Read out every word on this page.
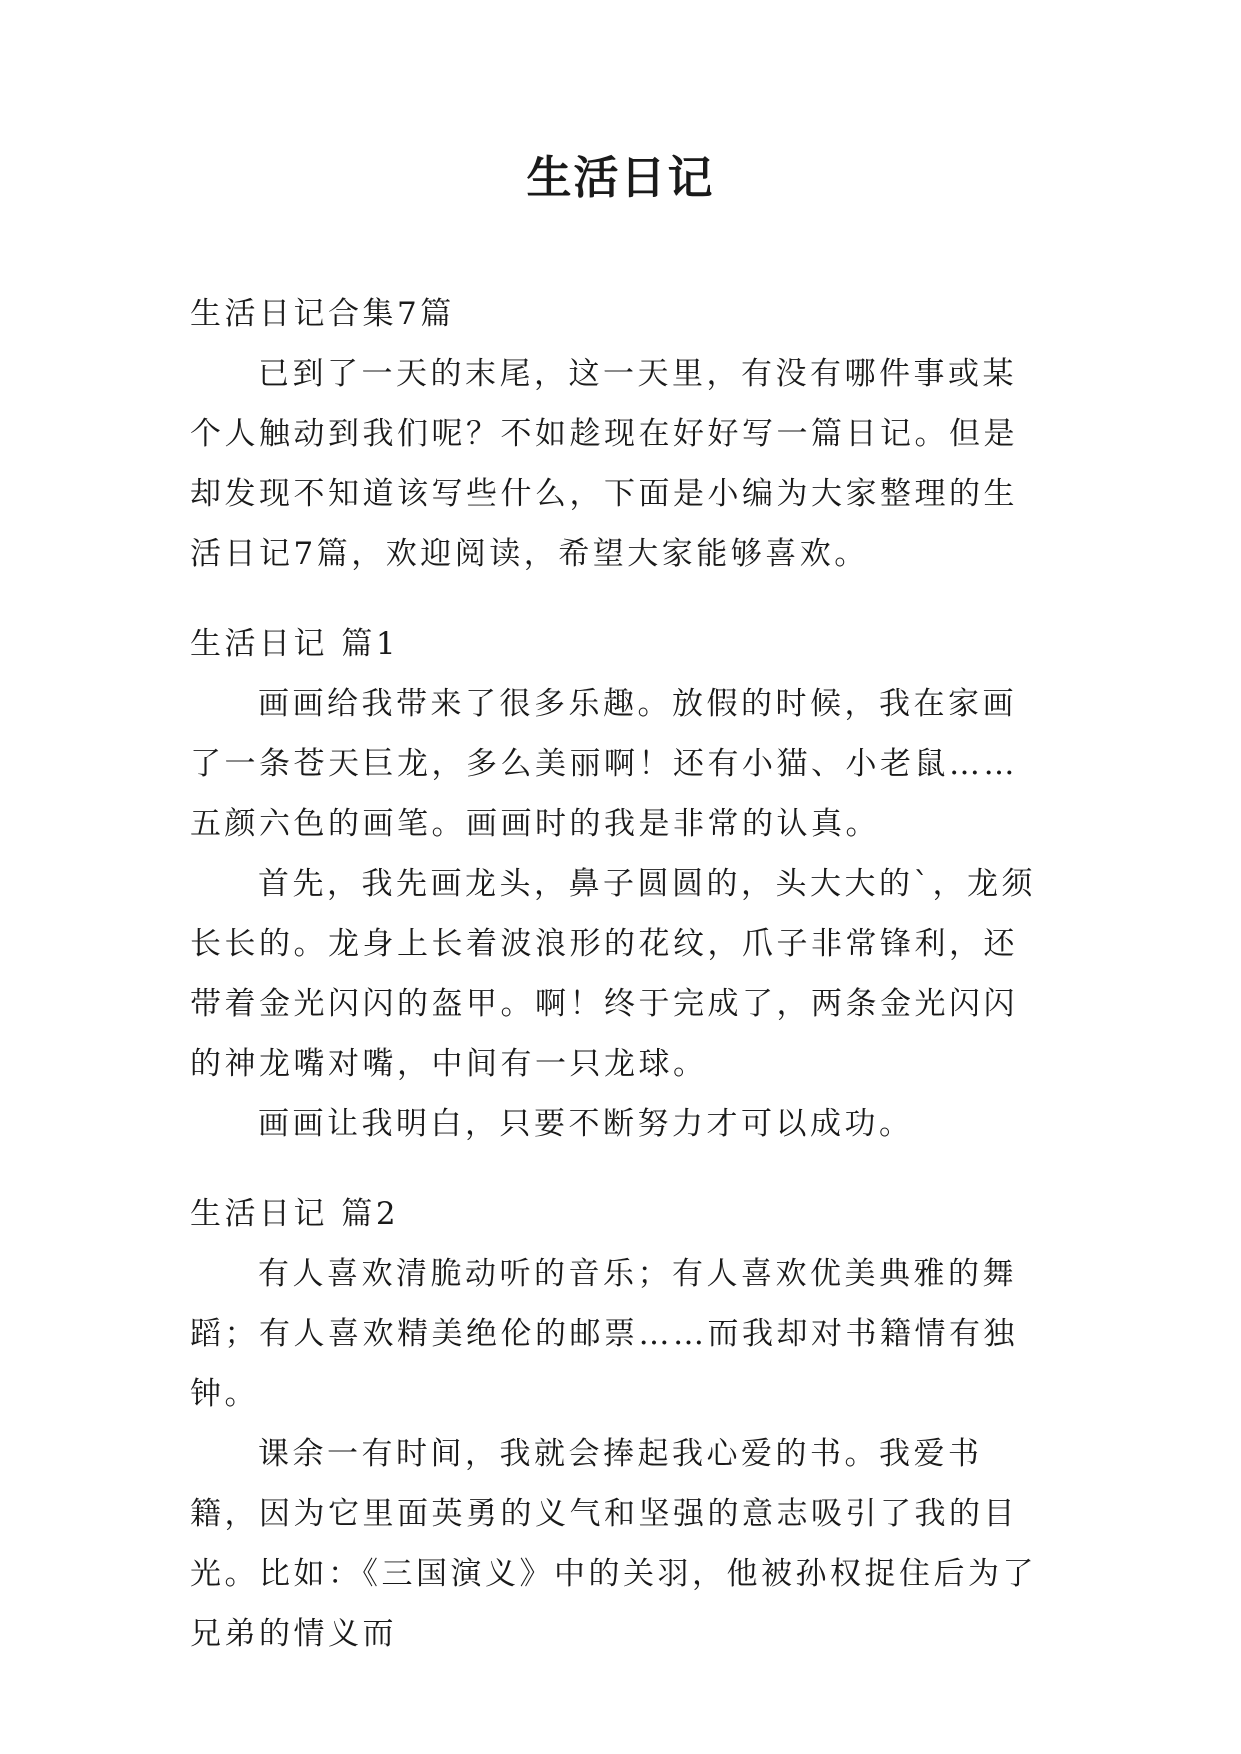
生活日记

生活日记合集7篇

已到了一天的末尾，这一天里，有没有哪件事或某个人触动到我们呢？不如趁现在好好写一篇日记。但是却发现不知道该写些什么，下面是小编为大家整理的生活日记7篇，欢迎阅读，希望大家能够喜欢。

生活日记 篇1

画画给我带来了很多乐趣。放假的时候，我在家画了一条苍天巨龙，多么美丽啊！还有小猫、小老鼠……五颜六色的画笔。画画时的我是非常的认真。

首先，我先画龙头，鼻子圆圆的，头大大的`，龙须长长的。龙身上长着波浪形的花纹，爪子非常锋利，还带着金光闪闪的盔甲。啊！终于完成了，两条金光闪闪的神龙嘴对嘴，中间有一只龙球。

画画让我明白，只要不断努力才可以成功。

生活日记 篇2

有人喜欢清脆动听的音乐；有人喜欢优美典雅的舞蹈；有人喜欢精美绝伦的邮票……而我却对书籍情有独钟。

课余一有时间，我就会捧起我心爱的书。我爱书籍，因为它里面英勇的义气和坚强的意志吸引了我的目光。比如：《三国演义》中的关羽，他被孙权捉住后为了兄弟的情义而
